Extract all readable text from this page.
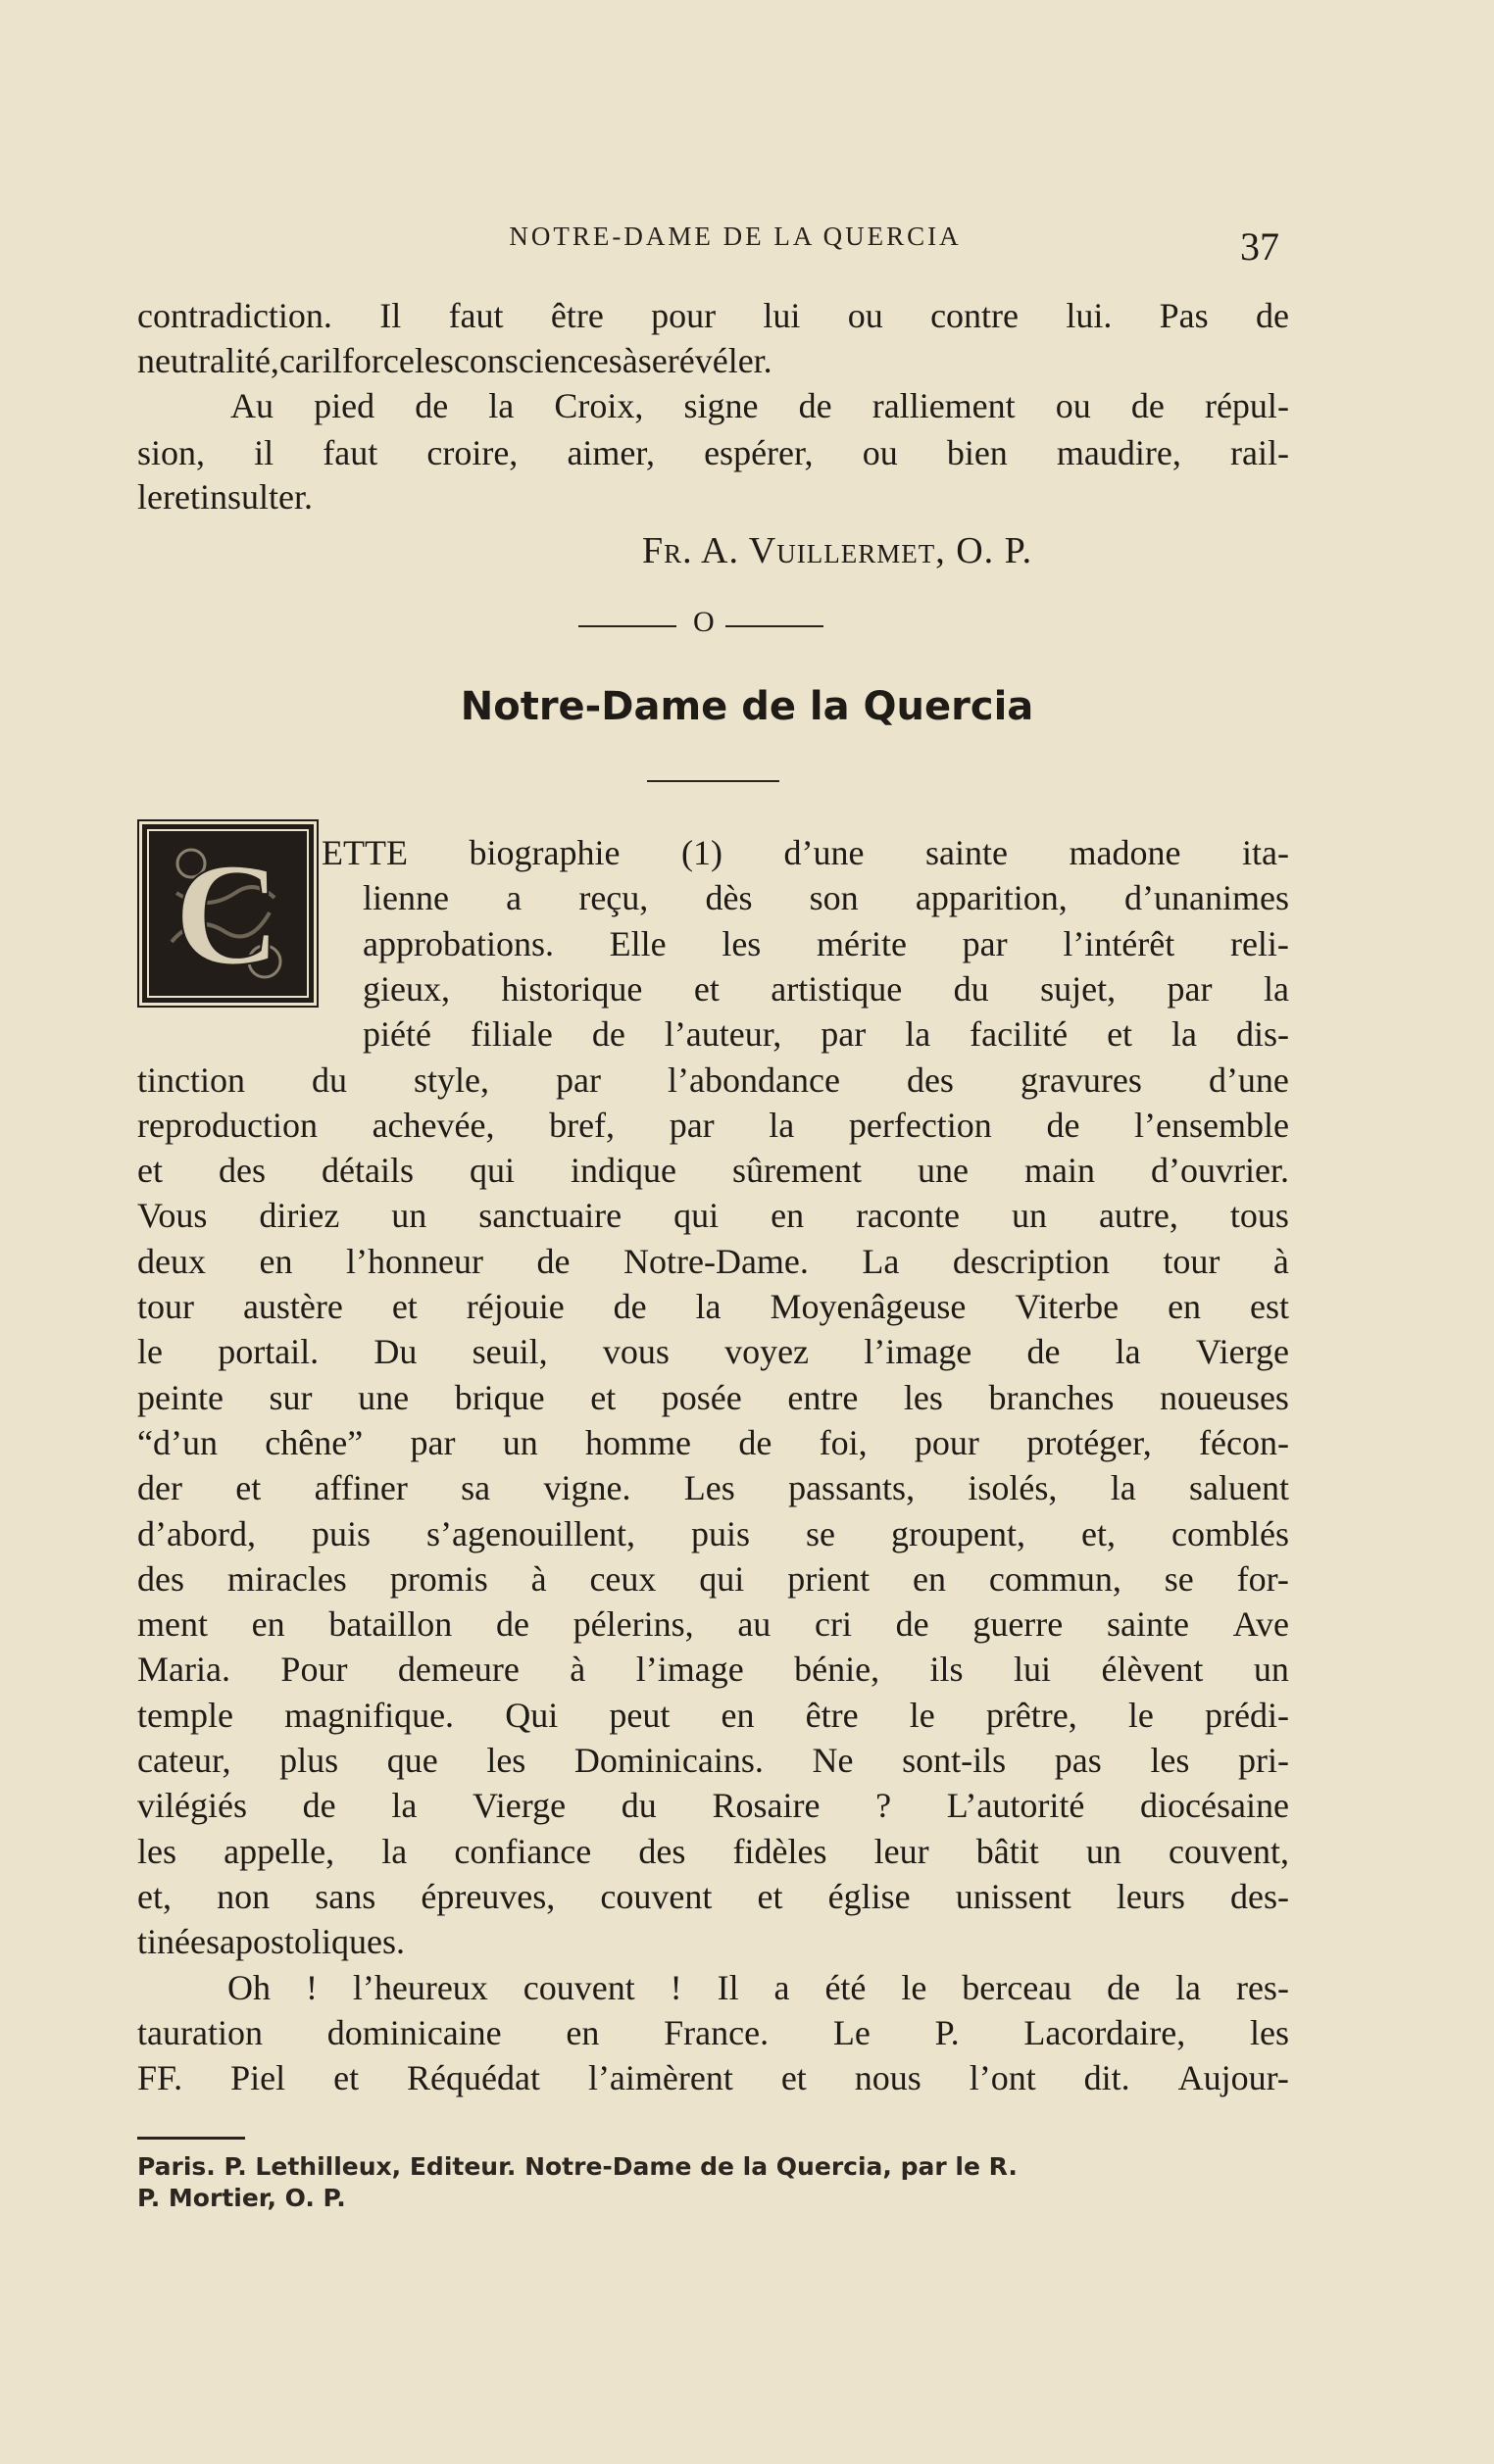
NOTRE-DAME DE LA QUERCIA	37
contradiction. Il faut être pour lui ou contre lui. Pas de
neutralité, car il force les consciences à se révéler.
Au pied de la Croix, signe de ralliement ou de répul-
sion, il faut croire, aimer, espérer, ou bien maudire, rail-
ler et insulter.
Fr. A. Vuillermet, O. P.
O
Notre-Dame de la Quercia
C ETTE biographie (1) d’une sainte madone ita-
lienne a reçu, dès son apparition, d’unanimes
approbations. Elle les mérite par l’intérêt reli-
gieux, historique et artistique du sujet, par la
piété filiale de l’auteur, par la facilité et la dis-
tinction du style, par l’abondance des gravures d’une
reproduction achevée, bref, par la perfection de l’ensemble
et des détails qui indique sûrement une main d’ouvrier.
Vous diriez un sanctuaire qui en raconte un autre, tous
deux en l’honneur de Notre-Dame. La description tour à
tour austère et réjouie de la Moyenâgeuse Viterbe en est
le portail. Du seuil, vous voyez l’image de la Vierge
peinte sur une brique et posée entre les branches noueuses
“d’un chêne” par un homme de foi, pour protéger, fécon-
der et affiner sa vigne. Les passants, isolés, la saluent
d’abord, puis s’agenouillent, puis se groupent, et, comblés
des miracles promis à ceux qui prient en commun, se for-
ment en bataillon de pélerins, au cri de guerre sainte Ave
Maria. Pour demeure à l’image bénie, ils lui élèvent un
temple magnifique. Qui peut en être le prêtre, le prédi-
cateur, plus que les Dominicains. Ne sont-ils pas les pri-
vilégiés de la Vierge du Rosaire ? L’autorité diocésaine
les appelle, la confiance des fidèles leur bâtit un couvent,
et, non sans épreuves, couvent et église unissent leurs des-
tinées apostoliques.
Oh ! l’heureux couvent ! Il a été le berceau de la res-
tauration dominicaine en France. Le P. Lacordaire, les
FF. Piel et Réquédat l’aimèrent et nous l’ont dit. Aujour-
Paris. P. Lethilleux, Editeur. Notre-Dame de la Quercia, par le R.
P. Mortier, O. P.
